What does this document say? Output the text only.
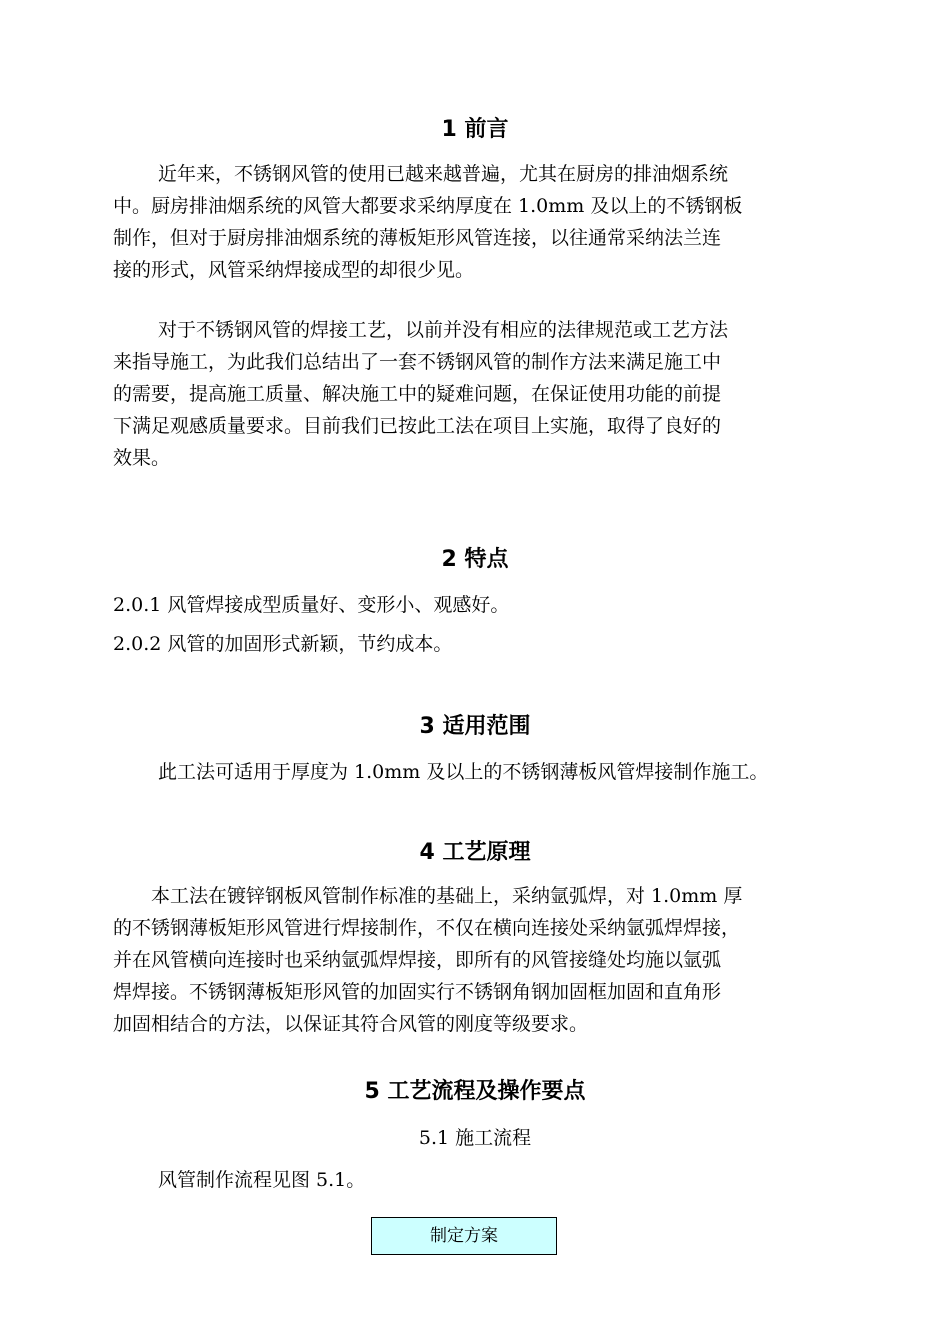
1 前言
近年来，不锈钢风管的使用已越来越普遍，尤其在厨房的排油烟系统
中。厨房排油烟系统的风管大都要求采纳厚度在 1.0mm 及以上的不锈钢板
制作，但对于厨房排油烟系统的薄板矩形风管连接，以往通常采纳法兰连
接的形式，风管采纳焊接成型的却很少见。
对于不锈钢风管的焊接工艺，以前并没有相应的法律规范或工艺方法
来指导施工，为此我们总结出了一套不锈钢风管的制作方法来满足施工中
的需要，提高施工质量、解决施工中的疑难问题，在保证使用功能的前提
下满足观感质量要求。目前我们已按此工法在项目上实施，取得了良好的
效果。
2 特点
2.0.1 风管焊接成型质量好、变形小、观感好。
2.0.2 风管的加固形式新颖，节约成本。
3 适用范围
此工法可适用于厚度为 1.0mm 及以上的不锈钢薄板风管焊接制作施工。
4 工艺原理
本工法在镀锌钢板风管制作标准的基础上，采纳氩弧焊，对 1.0mm 厚
的不锈钢薄板矩形风管进行焊接制作，不仅在横向连接处采纳氩弧焊焊接，
并在风管横向连接时也采纳氩弧焊焊接，即所有的风管接缝处均施以氩弧
焊焊接。不锈钢薄板矩形风管的加固实行不锈钢角钢加固框加固和直角形
加固相结合的方法，以保证其符合风管的刚度等级要求。
5 工艺流程及操作要点
5.1 施工流程
风管制作流程见图 5.1。
制定方案
